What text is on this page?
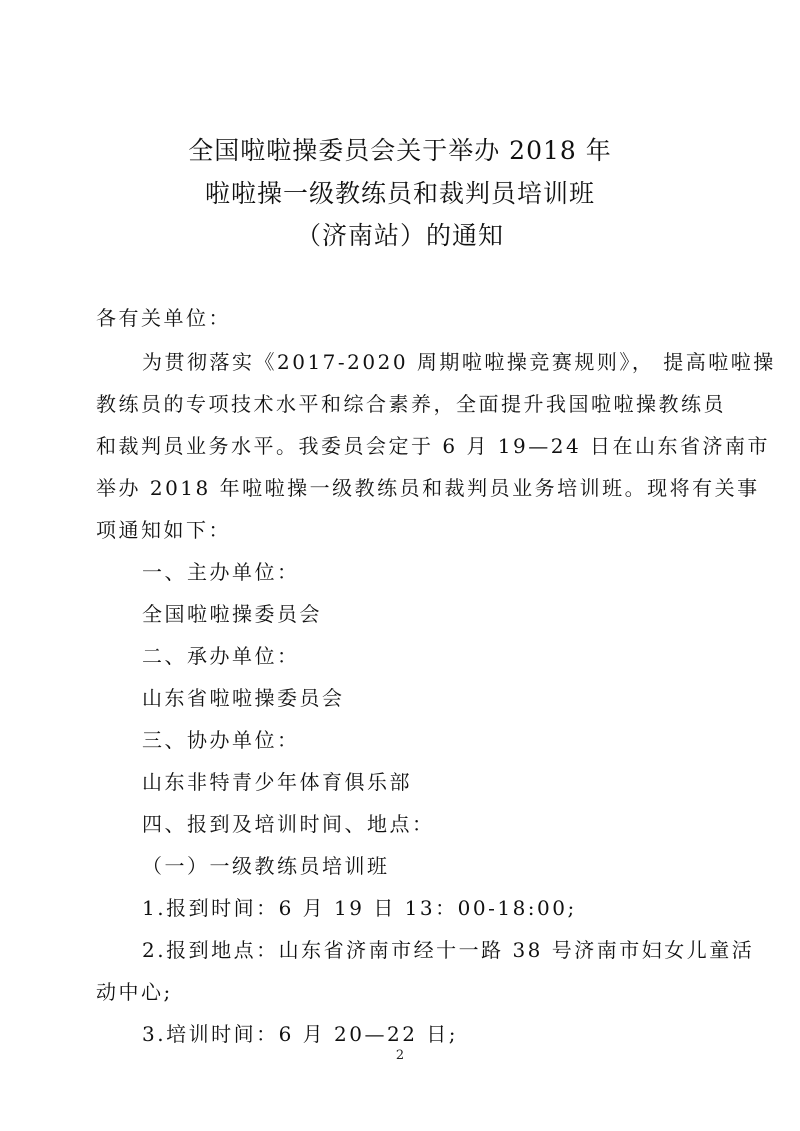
全国啦啦操委员会关于举办 2018 年
啦啦操一级教练员和裁判员培训班
（济南站）的通知
各有关单位：
为贯彻落实《2017-2020 周期啦啦操竞赛规则》， 提高啦啦操
教练员的专项技术水平和综合素养，全面提升我国啦啦操教练员
和裁判员业务水平。我委员会定于 6 月 19—24 日在山东省济南市
举办 2018 年啦啦操一级教练员和裁判员业务培训班。现将有关事
项通知如下：
一、主办单位：
全国啦啦操委员会
二、承办单位：
山东省啦啦操委员会
三、协办单位：
山东非特青少年体育俱乐部
四、报到及培训时间、地点：
（一）一级教练员培训班
1.报到时间：6 月 19 日 13：00-18:00;
2.报到地点：山东省济南市经十一路 38 号济南市妇女儿童活
动中心;
3.培训时间：6 月 20—22 日;
2
